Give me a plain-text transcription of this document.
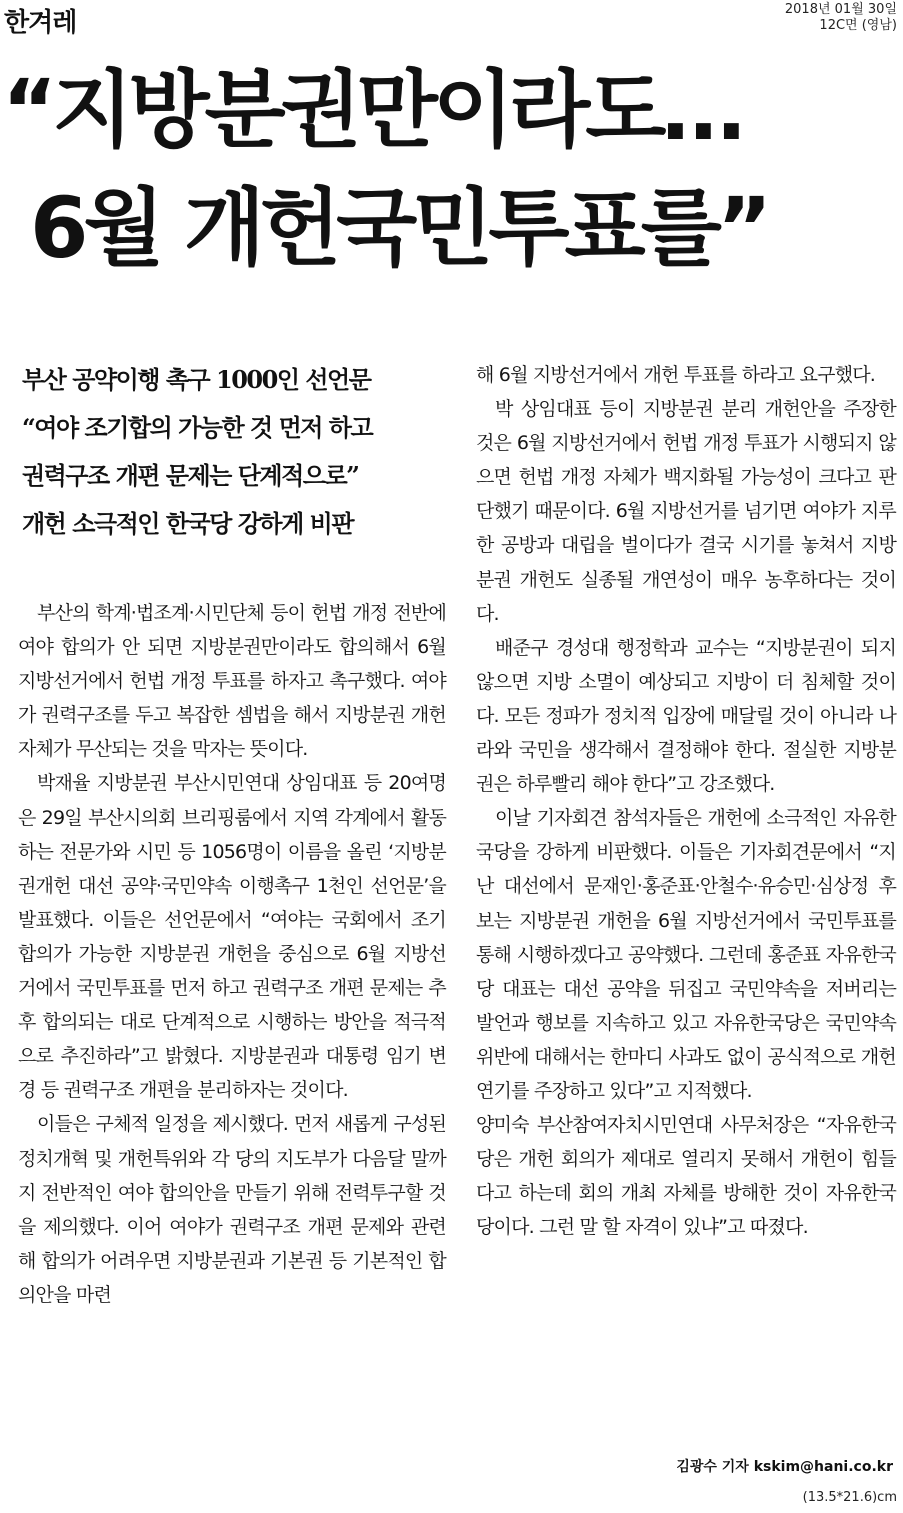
한겨레	2018년 01월 30일
12C면 (영남)
“지방분권만이라도…
6월 개헌국민투표를”
부산 공약이행 촉구 1000인 선언문
“여야 조기합의 가능한 것 먼저 하고
권력구조 개편 문제는 단계적으로”
개헌 소극적인 한국당 강하게 비판

부산의 학계·법조계·시민단체 등이 헌법 개정 전반에 여야 합의가 안 되면 지방분권만이라도 합의해서 6월 지방선거에서 헌법 개정 투표를 하자고 촉구했다. 여야가 권력구조를 두고 복잡한 셈법을 해서 지방분권 개헌 자체가 무산되는 것을 막자는 뜻이다.

박재율 지방분권 부산시민연대 상임대표 등 20여명은 29일 부산시의회 브리핑룸에서 지역 각계에서 활동하는 전문가와 시민 등 1056명이 이름을 올린 ‘지방분권개헌 대선 공약·국민약속 이행촉구 1천인 선언문’을 발표했다. 이들은 선언문에서 “여야는 국회에서 조기 합의가 가능한 지방분권 개헌을 중심으로 6월 지방선거에서 국민투표를 먼저 하고 권력구조 개편 문제는 추후 합의되는 대로 단계적으로 시행하는 방안을 적극적으로 추진하라”고 밝혔다. 지방분권과 대통령 임기 변경 등 권력구조 개편을 분리하자는 것이다.

이들은 구체적 일정을 제시했다. 먼저 새롭게 구성된 정치개혁 및 개헌특위와 각 당의 지도부가 다음달 말까지 전반적인 여야 합의안을 만들기 위해 전력투구할 것을 제의했다. 이어 여야가 권력구조 개편 문제와 관련해 합의가 어려우면 지방분권과 기본권 등 기본적인 합의안을 마련

해 6월 지방선거에서 개헌 투표를 하라고 요구했다.

박 상임대표 등이 지방분권 분리 개헌안을 주장한 것은 6월 지방선거에서 헌법 개정 투표가 시행되지 않으면 헌법 개정 자체가 백지화될 가능성이 크다고 판단했기 때문이다. 6월 지방선거를 넘기면 여야가 지루한 공방과 대립을 벌이다가 결국 시기를 놓쳐서 지방분권 개헌도 실종될 개연성이 매우 농후하다는 것이다.

배준구 경성대 행정학과 교수는 “지방분권이 되지 않으면 지방 소멸이 예상되고 지방이 더 침체할 것이다. 모든 정파가 정치적 입장에 매달릴 것이 아니라 나라와 국민을 생각해서 결정해야 한다. 절실한 지방분권은 하루빨리 해야 한다”고 강조했다.

이날 기자회견 참석자들은 개헌에 소극적인 자유한국당을 강하게 비판했다. 이들은 기자회견문에서 “지난 대선에서 문재인·홍준표·안철수·유승민·심상정 후보는 지방분권 개헌을 6월 지방선거에서 국민투표를 통해 시행하겠다고 공약했다. 그런데 홍준표 자유한국당 대표는 대선 공약을 뒤집고 국민약속을 저버리는 발언과 행보를 지속하고 있고 자유한국당은 국민약속 위반에 대해서는 한마디 사과도 없이 공식적으로 개헌 연기를 주장하고 있다”고 지적했다.

양미숙 부산참여자치시민연대 사무처장은 “자유한국당은 개헌 회의가 제대로 열리지 못해서 개헌이 힘들다고 하는데 회의 개최 자체를 방해한 것이 자유한국당이다. 그런 말 할 자격이 있냐”고 따졌다.

김광수 기자 kskim@hani.co.kr
(13.5*21.6)cm
